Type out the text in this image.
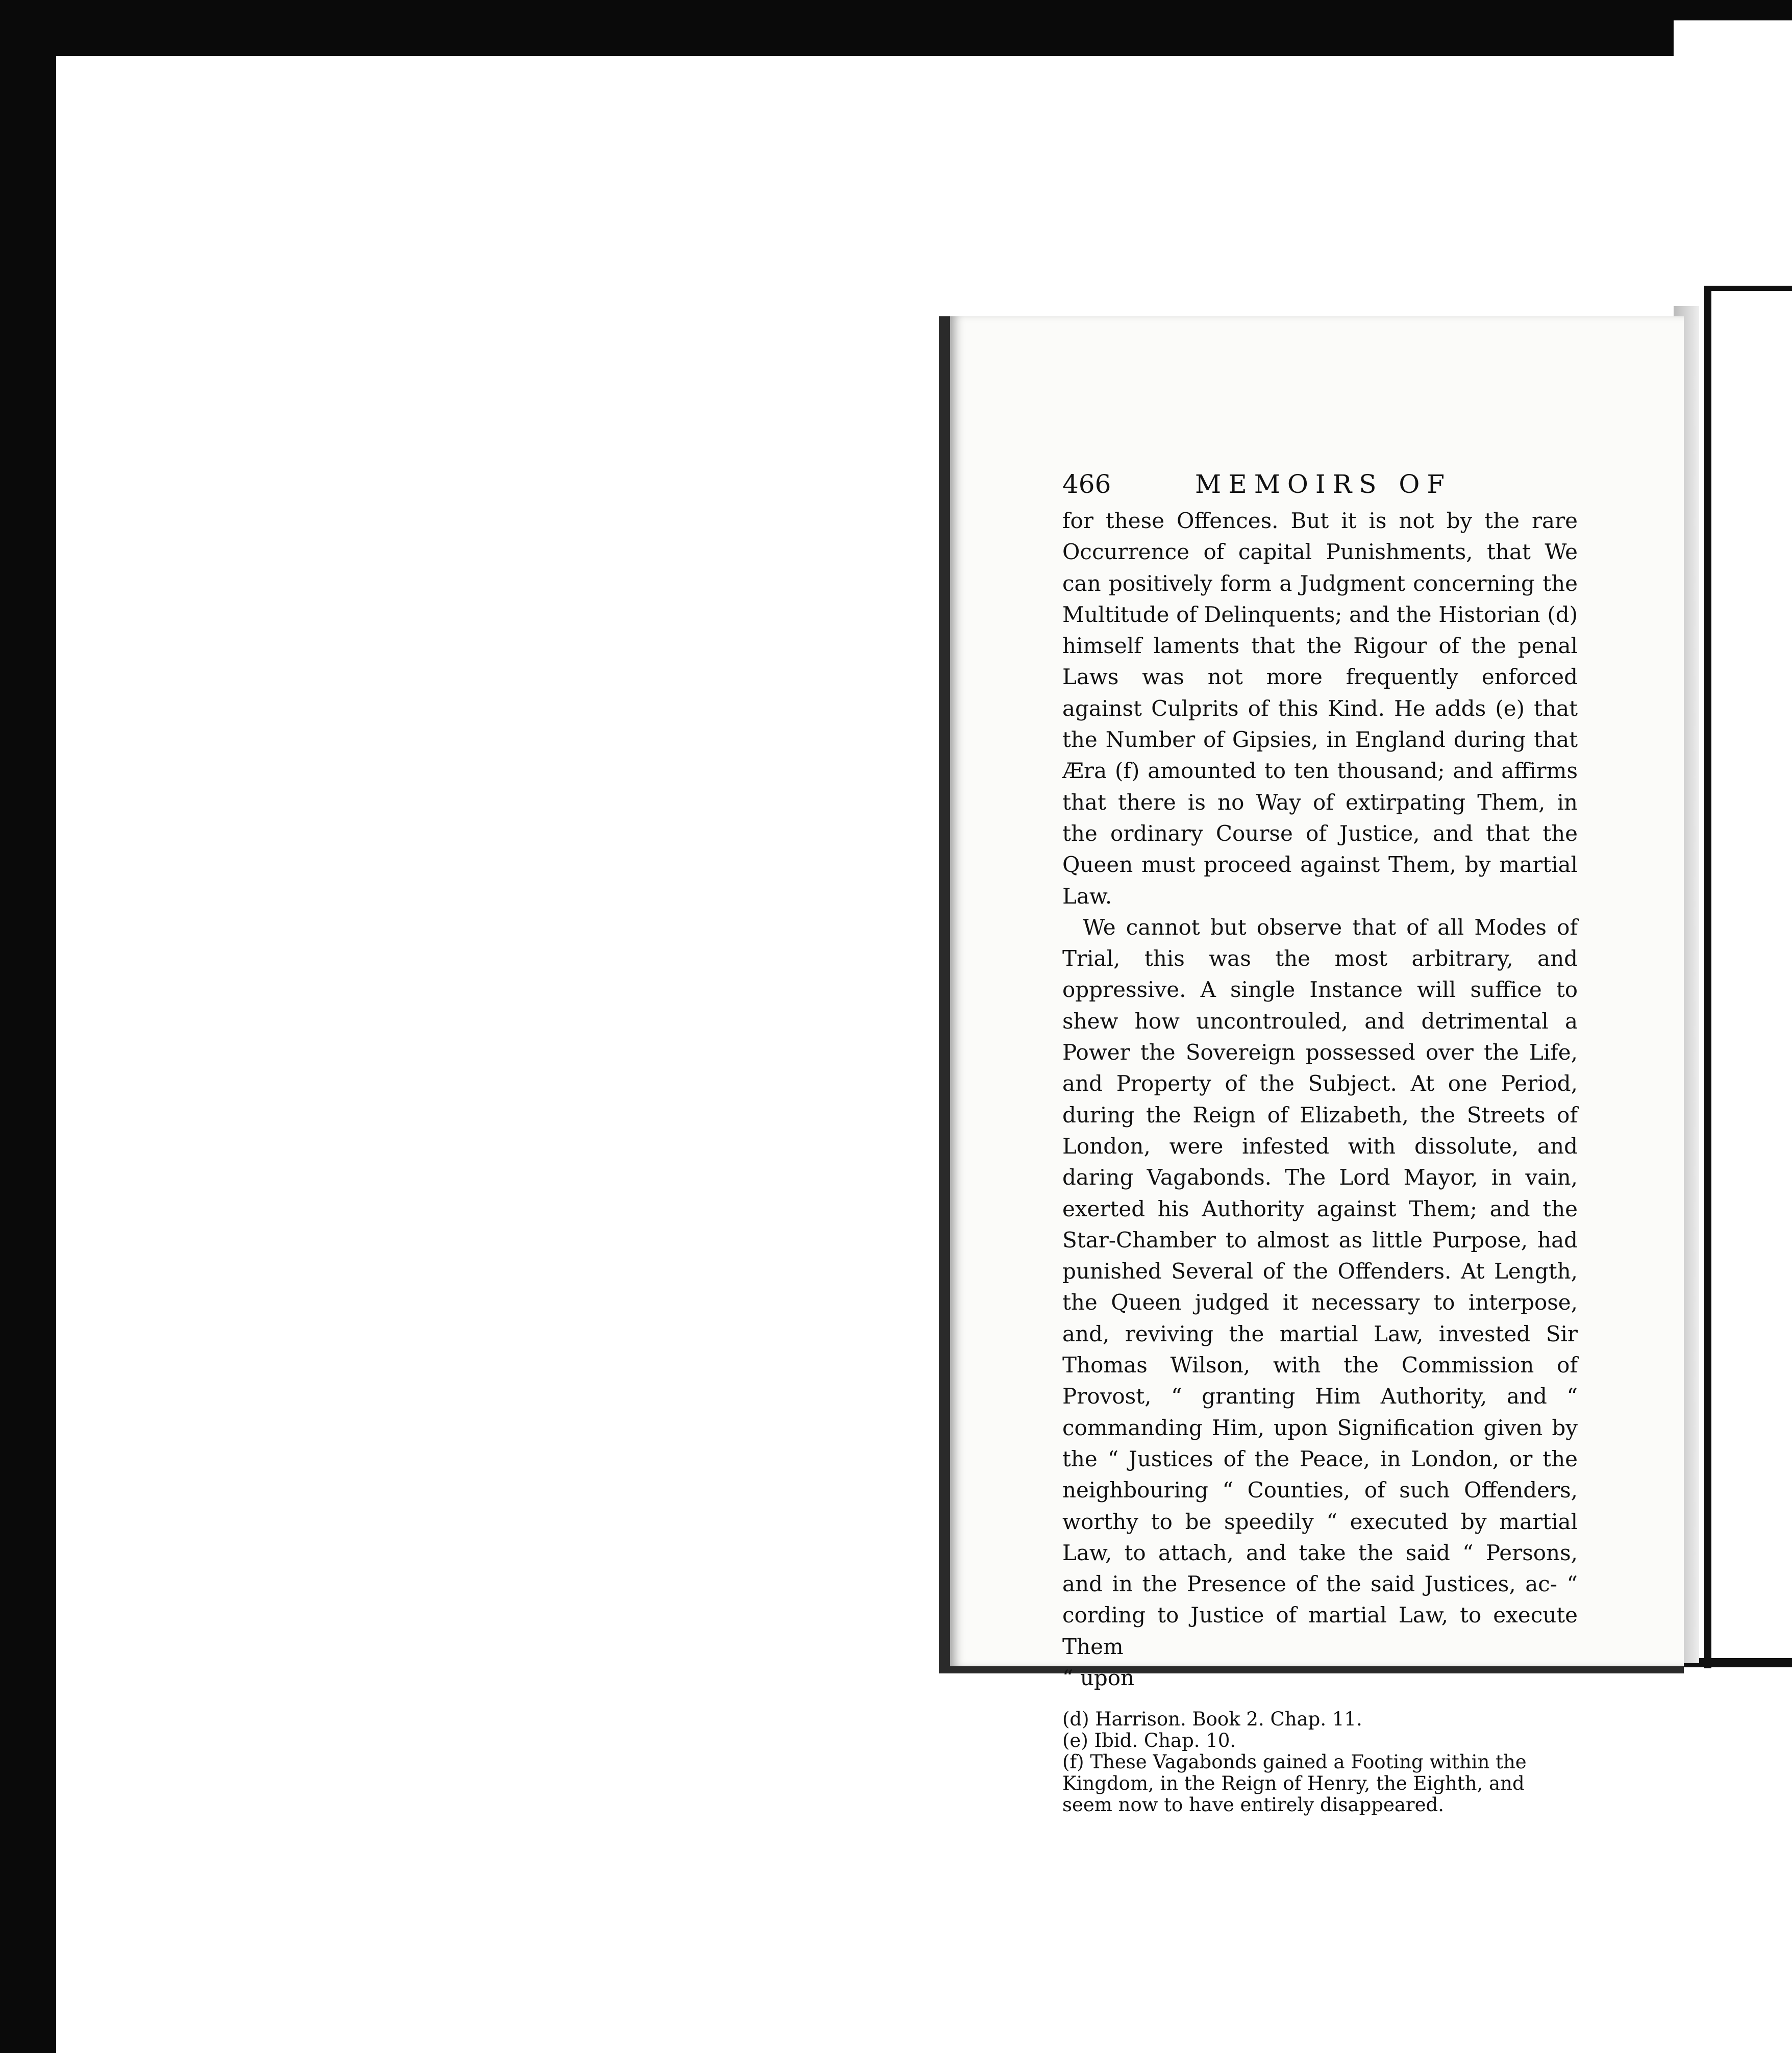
466	MEMOIRS OF

for these Offences. But it is not by the rare Occurrence of capital Punishments, that We can positively form a Judgment concerning the Multitude of Delinquents; and the Historian (d) himself laments that the Rigour of the penal Laws was not more frequently enforced against Culprits of this Kind. He adds (e) that the Number of Gipsies, in England during that Æra (f) amounted to ten thousand; and affirms that there is no Way of extirpating Them, in the ordinary Course of Justice, and that the Queen must proceed against Them, by martial Law.

We cannot but observe that of all Modes of Trial, this was the most arbitrary, and oppressive. A single Instance will suffice to shew how uncontrouled, and detrimental a Power the Sovereign possessed over the Life, and Property of the Subject. At one Period, during the Reign of Elizabeth, the Streets of London, were infested with dissolute, and daring Vagabonds. The Lord Mayor, in vain, exerted his Authority against Them; and the Star-Chamber to almost as little Purpose, had punished Several of the Offenders. At Length, the Queen judged it necessary to interpose, and, reviving the martial Law, invested Sir Thomas Wilson, with the Commission of Provost, “ granting Him Authority, and “ commanding Him, upon Signification given by the “ Justices of the Peace, in London, or the neighbouring “ Counties, of such Offenders, worthy to be speedily “ executed by martial Law, to attach, and take the said “ Persons, and in the Presence of the said Justices, ac- “ cording to Justice of martial Law, to execute Them

“ upon

(d) Harrison. Book 2. Chap. 11.

(e) Ibid. Chap. 10.

(f) These Vagabonds gained a Footing within the Kingdom, in the Reign of Henry, the Eighth, and seem now to have entirely disappeared.
